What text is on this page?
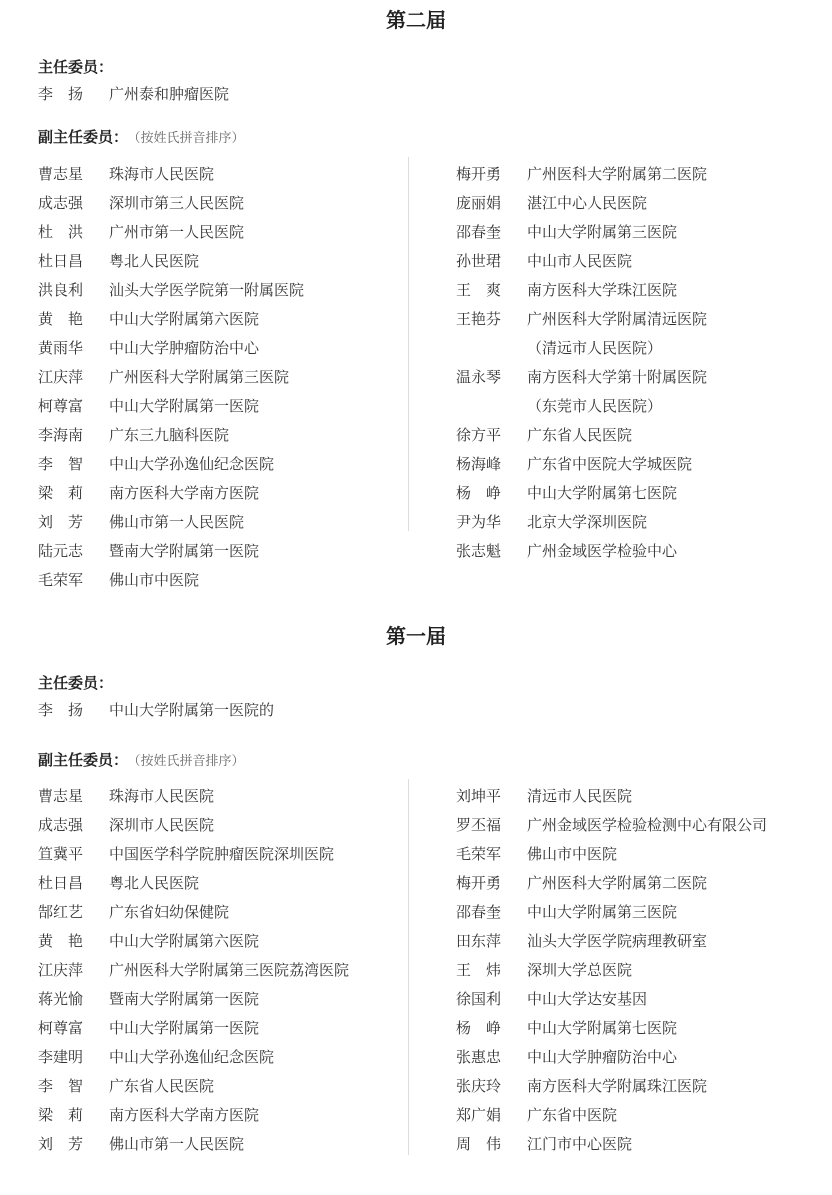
第二届
主任委员：
李　扬 广州泰和肿瘤医院
副主任委员： （按姓氏拼音排序）
曹志星 珠海市人民医院
成志强 深圳市第三人民医院
杜　洪 广州市第一人民医院
杜日昌 粤北人民医院
洪良利 汕头大学医学院第一附属医院
黄　艳 中山大学附属第六医院
黄雨华 中山大学肿瘤防治中心
江庆萍 广州医科大学附属第三医院
柯尊富 中山大学附属第一医院
李海南 广东三九脑科医院
李　智 中山大学孙逸仙纪念医院
梁　莉 南方医科大学南方医院
刘　芳 佛山市第一人民医院
陆元志 暨南大学附属第一医院
毛荣军 佛山市中医院
梅开勇 广州医科大学附属第二医院
庞丽娟 湛江中心人民医院
邵春奎 中山大学附属第三医院
孙世珺 中山市人民医院
王　爽 南方医科大学珠江医院
王艳芬 广州医科大学附属清远医院
（清远市人民医院）
温永琴 南方医科大学第十附属医院
（东莞市人民医院）
徐方平 广东省人民医院
杨海峰 广东省中医院大学城医院
杨　峥 中山大学附属第七医院
尹为华 北京大学深圳医院
张志魁 广州金域医学检验中心
第一届
主任委员：
李　扬 中山大学附属第一医院的
副主任委员： （按姓氏拼音排序）
曹志星 珠海市人民医院
成志强 深圳市人民医院
笪冀平 中国医学科学院肿瘤医院深圳医院
杜日昌 粤北人民医院
郜红艺 广东省妇幼保健院
黄　艳 中山大学附属第六医院
江庆萍 广州医科大学附属第三医院荔湾医院
蒋光愉 暨南大学附属第一医院
柯尊富 中山大学附属第一医院
李建明 中山大学孙逸仙纪念医院
李　智 广东省人民医院
梁　莉 南方医科大学南方医院
刘　芳 佛山市第一人民医院
刘坤平 清远市人民医院
罗丕福 广州金域医学检验检测中心有限公司
毛荣军 佛山市中医院
梅开勇 广州医科大学附属第二医院
邵春奎 中山大学附属第三医院
田东萍 汕头大学医学院病理教研室
王　炜 深圳大学总医院
徐国利 中山大学达安基因
杨　峥 中山大学附属第七医院
张惠忠 中山大学肿瘤防治中心
张庆玲 南方医科大学附属珠江医院
郑广娟 广东省中医院
周　伟 江门市中心医院
